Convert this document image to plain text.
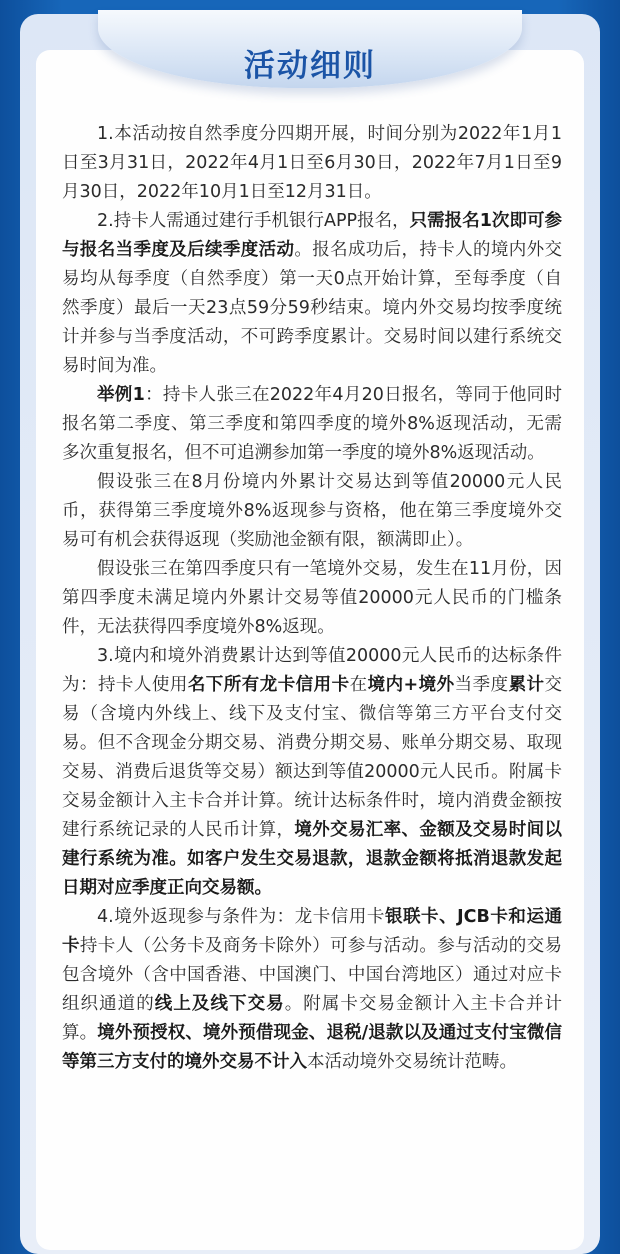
活动细则

1.本活动按自然季度分四期开展，时间分别为2022年1月1日至3月31日，2022年4月1日至6月30日，2022年7月1日至9月30日，2022年10月1日至12月31日。

2.持卡人需通过建行手机银行APP报名，只需报名1次即可参与报名当季度及后续季度活动。报名成功后，持卡人的境内外交易均从每季度（自然季度）第一天0点开始计算，至每季度（自然季度）最后一天23点59分59秒结束。境内外交易均按季度统计并参与当季度活动，不可跨季度累计。交易时间以建行系统交易时间为准。

举例1：持卡人张三在2022年4月20日报名，等同于他同时报名第二季度、第三季度和第四季度的境外8%返现活动，无需多次重复报名，但不可追溯参加第一季度的境外8%返现活动。

假设张三在8月份境内外累计交易达到等值20000元人民币，获得第三季度境外8%返现参与资格，他在第三季度境外交易可有机会获得返现（奖励池金额有限，额满即止）。

假设张三在第四季度只有一笔境外交易，发生在11月份，因第四季度未满足境内外累计交易等值20000元人民币的门槛条件，无法获得四季度境外8%返现。

3.境内和境外消费累计达到等值20000元人民币的达标条件为：持卡人使用名下所有龙卡信用卡在境内+境外当季度累计交易（含境内外线上、线下及支付宝、微信等第三方平台支付交易。但不含现金分期交易、消费分期交易、账单分期交易、取现交易、消费后退货等交易）额达到等值20000元人民币。附属卡交易金额计入主卡合并计算。统计达标条件时，境内消费金额按建行系统记录的人民币计算，境外交易汇率、金额及交易时间以建行系统为准。如客户发生交易退款，退款金额将抵消退款发起日期对应季度正向交易额。

4.境外返现参与条件为：龙卡信用卡银联卡、JCB卡和运通卡持卡人（公务卡及商务卡除外）可参与活动。参与活动的交易包含境外（含中国香港、中国澳门、中国台湾地区）通过对应卡组织通道的线上及线下交易。附属卡交易金额计入主卡合并计算。境外预授权、境外预借现金、退税/退款以及通过支付宝微信等第三方支付的境外交易不计入本活动境外交易统计范畴。
